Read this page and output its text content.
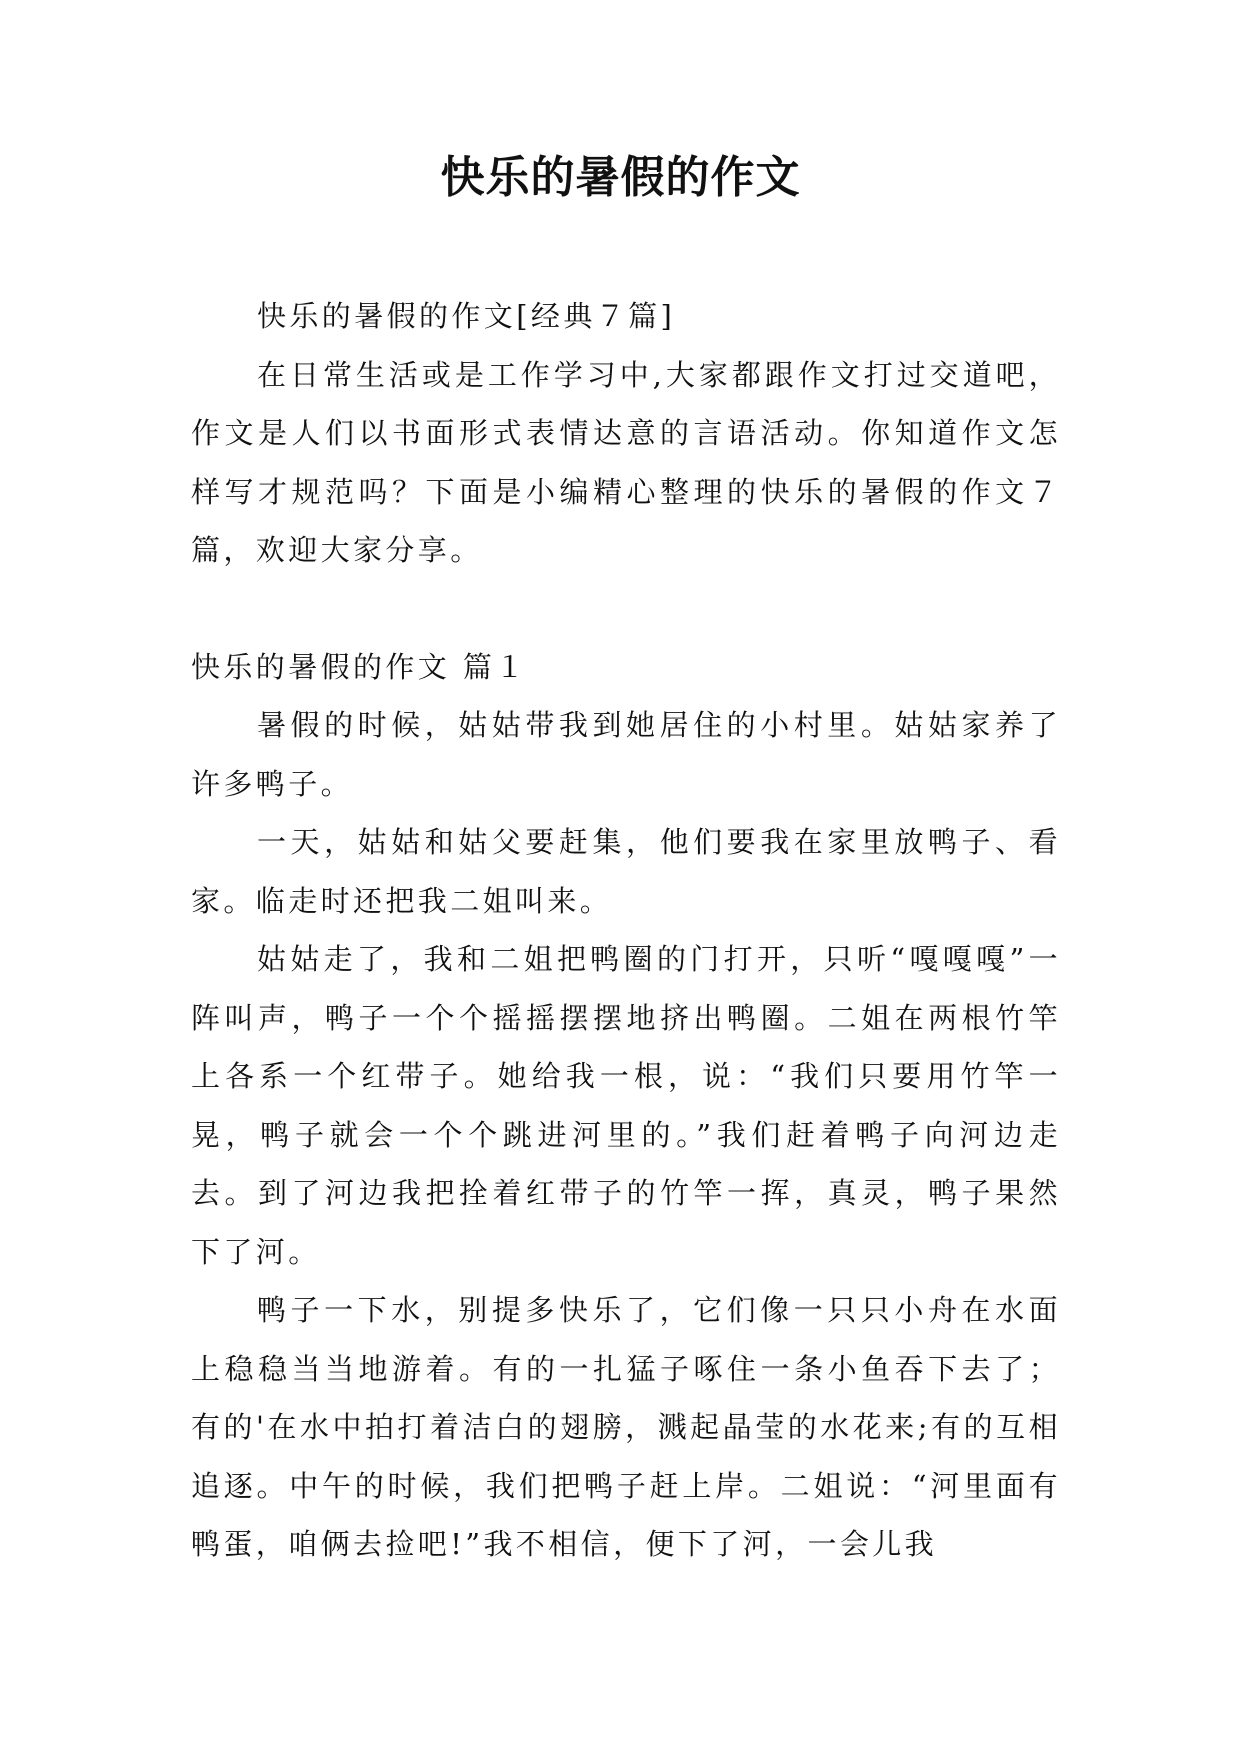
快乐的暑假的作文

快乐的暑假的作文[经典７篇]

在日常生活或是工作学习中,大家都跟作文打过交道吧，作文是人们以书面形式表情达意的言语活动。你知道作文怎样写才规范吗？下面是小编精心整理的快乐的暑假的作文７篇，欢迎大家分享。

快乐的暑假的作文 篇１

暑假的时候，姑姑带我到她居住的小村里。姑姑家养了许多鸭子。

一天，姑姑和姑父要赶集，他们要我在家里放鸭子、看家。临走时还把我二姐叫来。

姑姑走了，我和二姐把鸭圈的门打开，只听“嘎嘎嘎”一阵叫声，鸭子一个个摇摇摆摆地挤出鸭圈。二姐在两根竹竿上各系一个红带子。她给我一根，说：“我们只要用竹竿一晃，鸭子就会一个个跳进河里的。”我们赶着鸭子向河边走去。到了河边我把拴着红带子的竹竿一挥，真灵，鸭子果然下了河。

鸭子一下水，别提多快乐了，它们像一只只小舟在水面上稳稳当当地游着。有的一扎猛子啄住一条小鱼吞下去了；有的'在水中拍打着洁白的翅膀，溅起晶莹的水花来;有的互相追逐。中午的时候，我们把鸭子赶上岸。二姐说：“河里面有鸭蛋，咱俩去捡吧!”我不相信，便下了河，一会儿我
